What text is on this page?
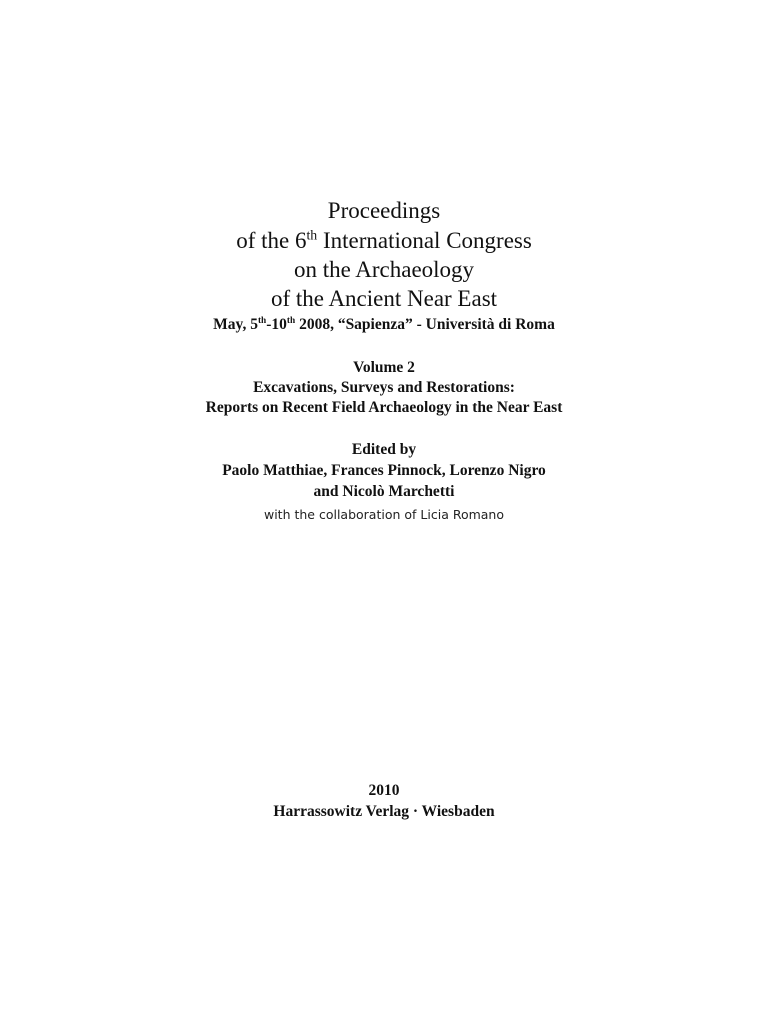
Proceedings
of the 6th International Congress
on the Archaeology
of the Ancient Near East
May, 5th-10th 2008, “Sapienza” - Università di Roma
Volume 2
Excavations, Surveys and Restorations:
Reports on Recent Field Archaeology in the Near East
Edited by
Paolo Matthiae, Frances Pinnock, Lorenzo Nigro
and Nicolò Marchetti
with the collaboration of Licia Romano
2010
Harrassowitz Verlag · Wiesbaden
